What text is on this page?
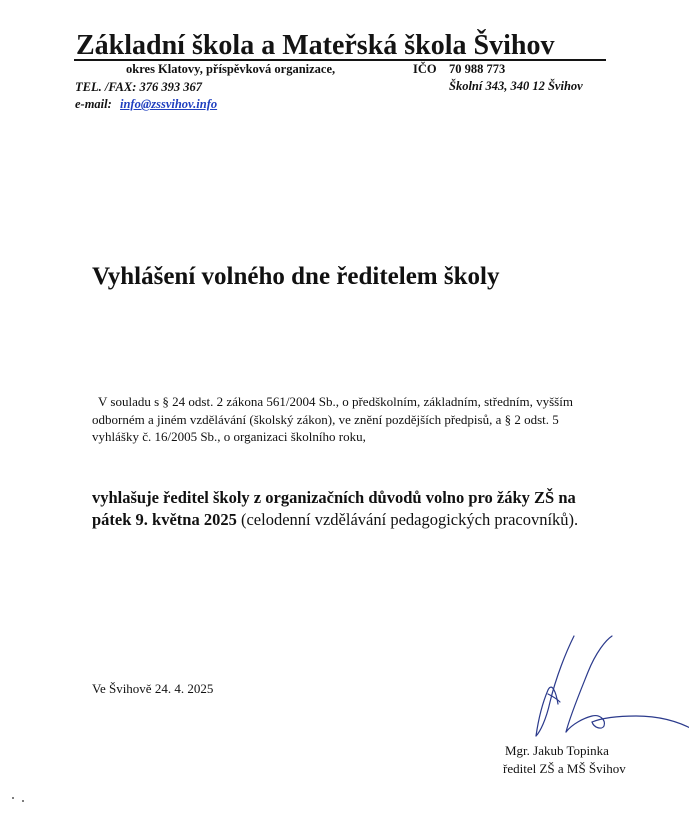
Základní škola a Mateřská škola Švihov
okres Klatovy, příspěvková organizace,	IČO 70 988 773
TEL. /FAX: 376 393 367	Školní 343, 340 12 Švihov
e-mail: info@zssvihov.info
Vyhlášení volného dne ředitelem školy
V souladu s § 24 odst. 2 zákona 561/2004 Sb., o předškolním, základním, středním, vyšším
odborném a jiném vzdělávání (školský zákon), ve znění pozdějších předpisů, a § 2 odst. 5
vyhlášky č. 16/2005 Sb., o organizaci školního roku,
vyhlašuje ředitel školy z organizačních důvodů volno pro žáky ZŠ na
pátek 9. května 2025 (celodenní vzdělávání pedagogických pracovníků).
Ve Švihově 24. 4. 2025
Mgr. Jakub Topinka
ředitel ZŠ a MŠ Švihov
